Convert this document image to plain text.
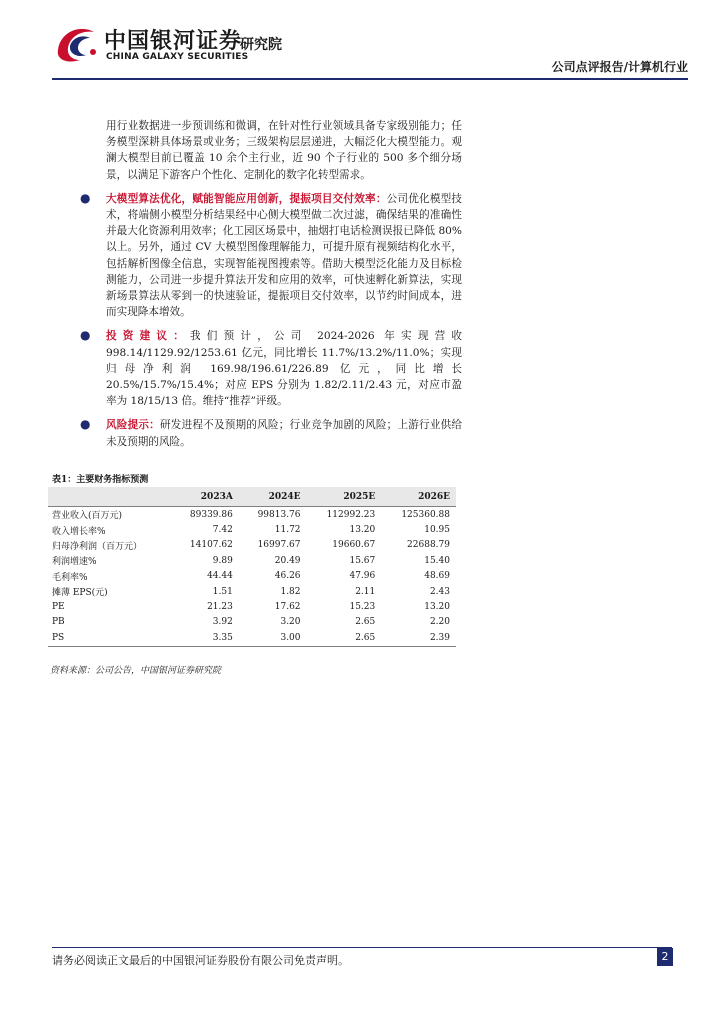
中国银河证券
研究院
CHINA GALAXY SECURITIES
公司点评报告/计算机行业
用行业数据进一步预训练和微调，在针对性行业领域具备专家级别能力；任务模型深耕具体场景或业务；三级架构层层递进，大幅泛化大模型能力。观澜大模型目前已覆盖 10 余个主行业，近 90 个子行业的 500 多个细分场景，以满足下游客户个性化、定制化的数字化转型需求。
● 大模型算法优化，赋能智能应用创新，提振项目交付效率：公司优化模型技术，将端侧小模型分析结果经中心侧大模型做二次过滤，确保结果的准确性并最大化资源利用效率；化工园区场景中，抽烟打电话检测误报已降低 80%以上。另外，通过 CV 大模型图像理解能力，可提升原有视频结构化水平，包括解析图像全信息，实现智能视图搜索等。借助大模型泛化能力及目标检测能力，公司进一步提升算法开发和应用的效率，可快速孵化新算法，实现新场景算法从零到一的快速验证，提振项目交付效率，以节约时间成本，进而实现降本增效。
● 投资建议：我们预计，公司 2024-2026 年实现营收 998.14/1129.92/1253.61 亿元，同比增长 11.7%/13.2%/11.0%；实现归母净利润 169.98/196.61/226.89 亿元，同比增长 20.5%/15.7%/15.4%；对应 EPS 分别为 1.82/2.11/2.43 元，对应市盈率为 18/15/13 倍。维持“推荐”评级。
● 风险提示：研发进程不及预期的风险；行业竞争加剧的风险；上游行业供给未及预期的风险。
表1：主要财务指标预测
	2023A	2024E	2025E	2026E
营业收入(百万元)	89339.86	99813.76	112992.23	125360.88
收入增长率%	7.42	11.72	13.20	10.95
归母净利润（百万元）	14107.62	16997.67	19660.67	22688.79
利润增速%	9.89	20.49	15.67	15.40
毛利率%	44.44	46.26	47.96	48.69
摊薄 EPS(元)	1.51	1.82	2.11	2.43
PE	21.23	17.62	15.23	13.20
PB	3.92	3.20	2.65	2.20
PS	3.35	3.00	2.65	2.39
资料来源：公司公告，中国银河证券研究院
请务必阅读正文最后的中国银河证券股份有限公司免责声明。	2
